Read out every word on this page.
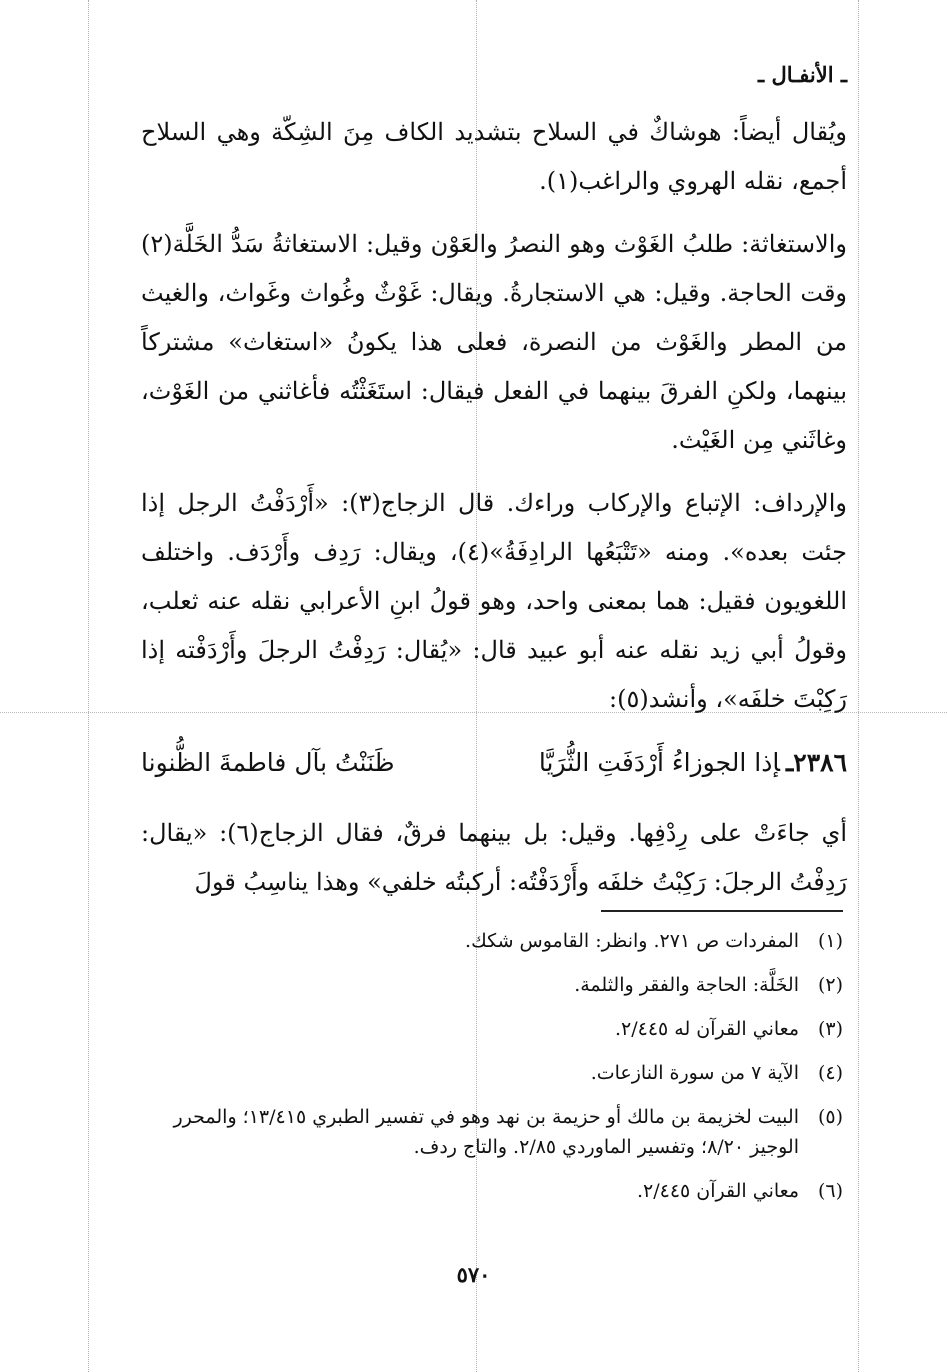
ـ الأنفـال ـ

ويُقال أيضاً: هوشاكٌ في السلاح بتشديد الكاف مِنَ الشِكّة وهي السلاح أجمع، نقله الهروي والراغب(١).

والاستغاثة: طلبُ الغَوْث وهو النصرُ والعَوْن وقيل: الاستغاثةُ سَدُّ الخَلَّة(٢) وقت الحاجة. وقيل: هي الاستجارةُ. ويقال: غَوْثٌ وغُواث وغَواث، والغيث من المطر والغَوْث من النصرة، فعلى هذا يكونُ «استغاث» مشتركاً بينهما، ولكنِ الفرقَ بينهما في الفعل فيقال: استَغَثْتُه فأغاثني من الغَوْث، وغاثَني مِن الغَيْث.

والإرداف: الإتباع والإركاب وراءك. قال الزجاج(٣): «أَرْدَفْتُ الرجل إذا جئت بعده». ومنه «تَتْبَعُها الرادِفَةُ»(٤)، ويقال: رَدِف وأَرْدَف. واختلف اللغويون فقيل: هما بمعنى واحد، وهو قولُ ابنِ الأعرابي نقله عنه ثعلب، وقولُ أبي زيد نقله عنه أبو عبيد قال: «يُقال: رَدِفْتُ الرجلَ وأَرْدَفْته إذا رَكِبْتَ خلفَه»، وأنشد(٥):

٢٣٨٦ـإذا الجوزاءُ أَرْدَفَتِ الثُّرَيَّا
ظَنَنْتُ بآل فاطمةَ الظُّنونا

أي جاءَتْ على رِدْفِها. وقيل: بل بينهما فرقٌ، فقال الزجاج(٦): «يقال: رَدِفْتُ الرجلَ: رَكِبْتُ خلفَه وأَرْدَفْتُه: أركبتُه خلفي» وهذا يناسِبُ قولَ

(١)المفردات ص ٢٧١. وانظر: القاموس شكك.
(٢)الخَلَّة: الحاجة والفقر والثلمة.
(٣)معاني القرآن له ٢/٤٤٥.
(٤)الآية ٧ من سورة النازعات.
(٥)البيت لخزيمة بن مالك أو حزيمة بن نهد وهو في تفسير الطبري ١٣/٤١٥؛ والمحرر الوجيز ٨/٢٠؛ وتفسير الماوردي ٢/٨٥. والتاج ردف.
(٦)معاني القرآن ٢/٤٤٥.
٥٧٠
